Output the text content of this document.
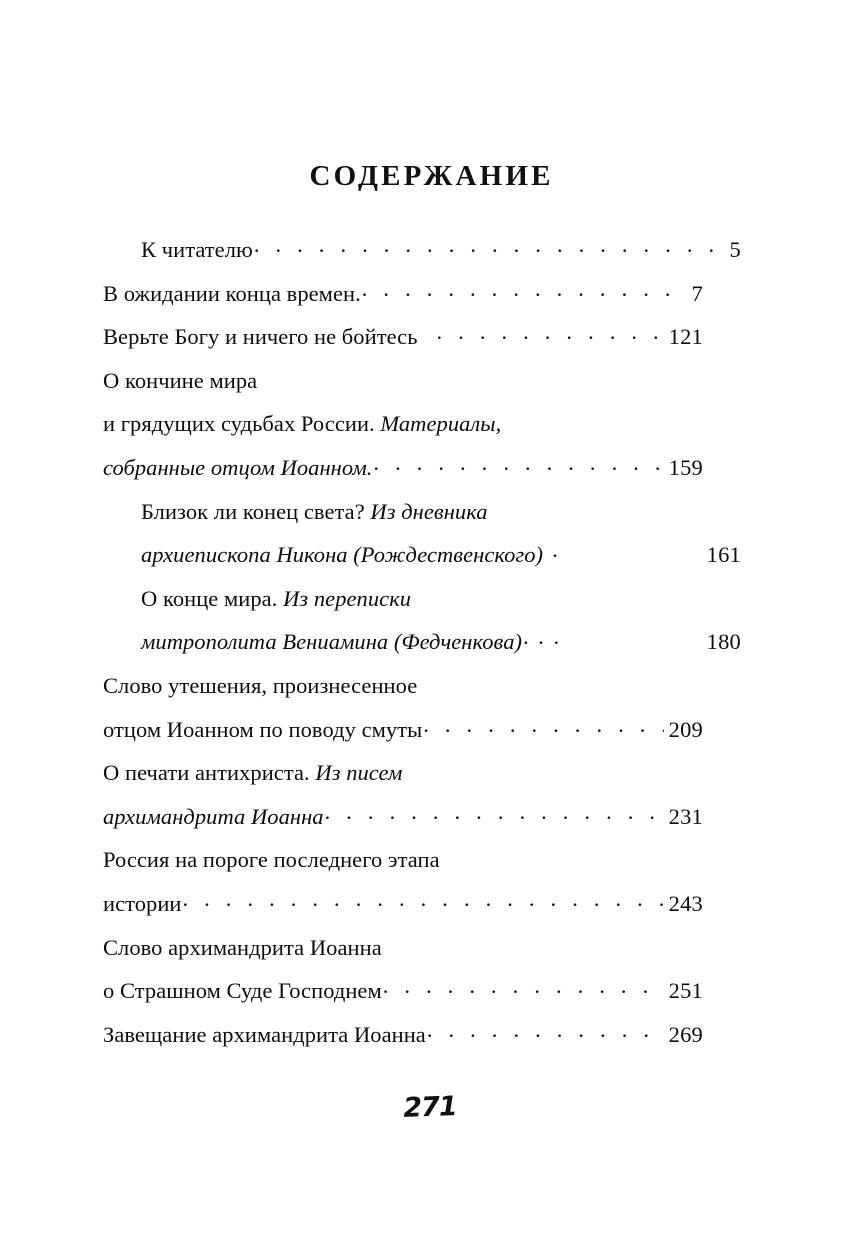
СОДЕРЖАНИЕ
К читателю . . .	5
В ожидании конца времен. . . .	7
Верьте Богу и ничего не бойтесь . . .	121
О кончине мира
и грядущих судьбах России. Материалы,
собранные отцом Иоанном. . . .	159
Близок ли конец света? Из дневника
архиепископа Никона (Рождественского) .	161
О конце мира. Из переписки
митрополита Вениамина (Федченкова) . . .	180
Слово утешения, произнесенное
отцом Иоанном по поводу смуты . . .	209
О печати антихриста. Из писем
архимандрита Иоанна . . .	231
Россия на пороге последнего этапа
истории . . .	243
Слово архимандрита Иоанна
о Страшном Суде Господнем . . .	251
Завещание архимандрита Иоанна . . .	269
271
